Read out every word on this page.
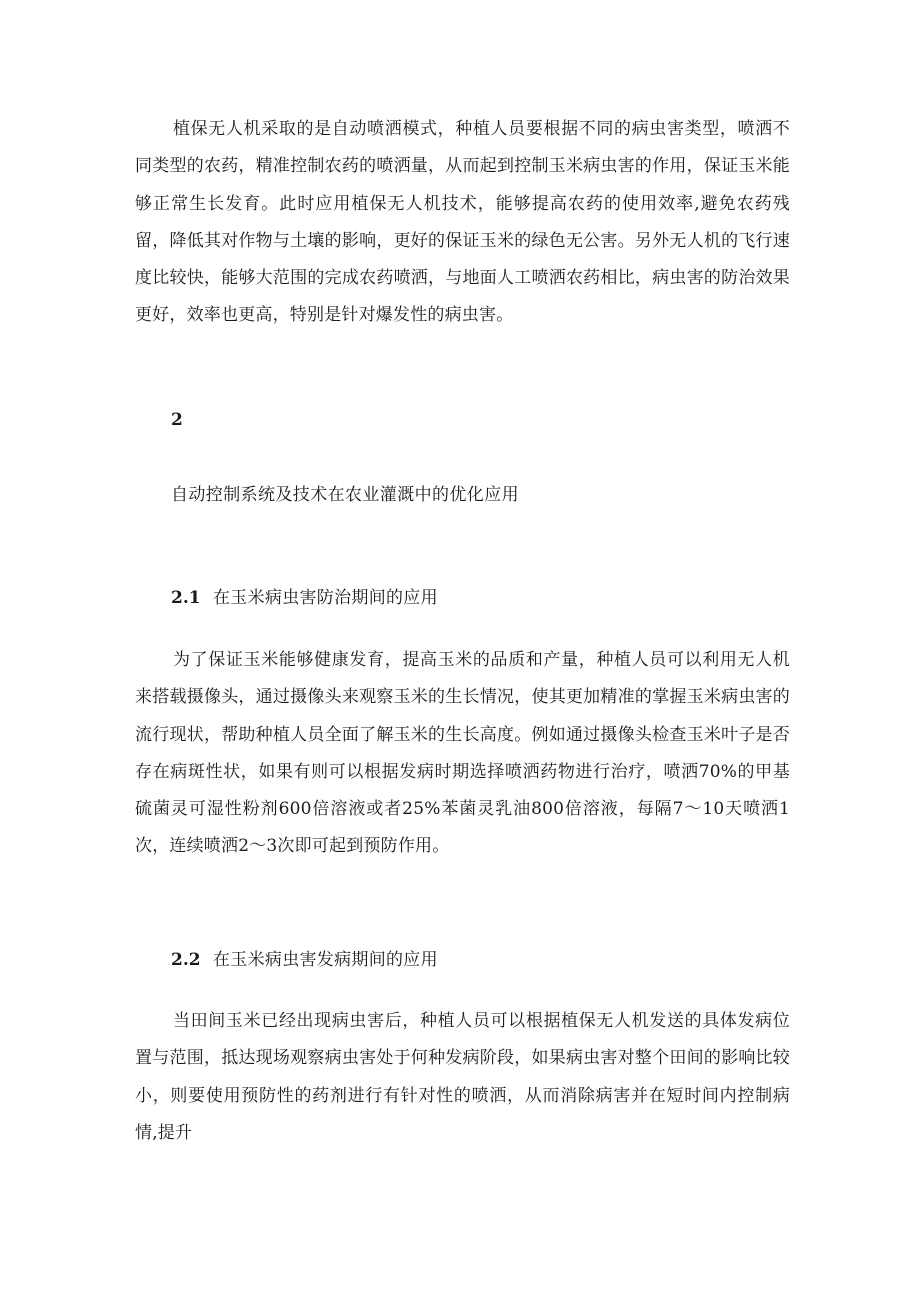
植保无人机采取的是自动喷洒模式，种植人员要根据不同的病虫害类型，喷洒不同类型的农药，精准控制农药的喷洒量，从而起到控制玉米病虫害的作用，保证玉米能够正常生长发育。此时应用植保无人机技术，能够提高农药的使用效率,避免农药残留，降低其对作物与土壤的影响，更好的保证玉米的绿色无公害。另外无人机的飞行速度比较快，能够大范围的完成农药喷洒，与地面人工喷洒农药相比，病虫害的防治效果更好，效率也更高，特别是针对爆发性的病虫害。

2

自动控制系统及技术在农业灌溉中的优化应用

2.1 在玉米病虫害防治期间的应用

为了保证玉米能够健康发育，提高玉米的品质和产量，种植人员可以利用无人机来搭载摄像头，通过摄像头来观察玉米的生长情况，使其更加精准的掌握玉米病虫害的流行现状，帮助种植人员全面了解玉米的生长高度。例如通过摄像头检查玉米叶子是否存在病斑性状，如果有则可以根据发病时期选择喷洒药物进行治疗，喷洒70%的甲基硫菌灵可湿性粉剂600倍溶液或者25%苯菌灵乳油800倍溶液，每隔7～10天喷洒1次，连续喷洒2～3次即可起到预防作用。

2.2 在玉米病虫害发病期间的应用

当田间玉米已经出现病虫害后，种植人员可以根据植保无人机发送的具体发病位置与范围，抵达现场观察病虫害处于何种发病阶段，如果病虫害对整个田间的影响比较小，则要使用预防性的药剂进行有针对性的喷洒，从而消除病害并在短时间内控制病情,提升
